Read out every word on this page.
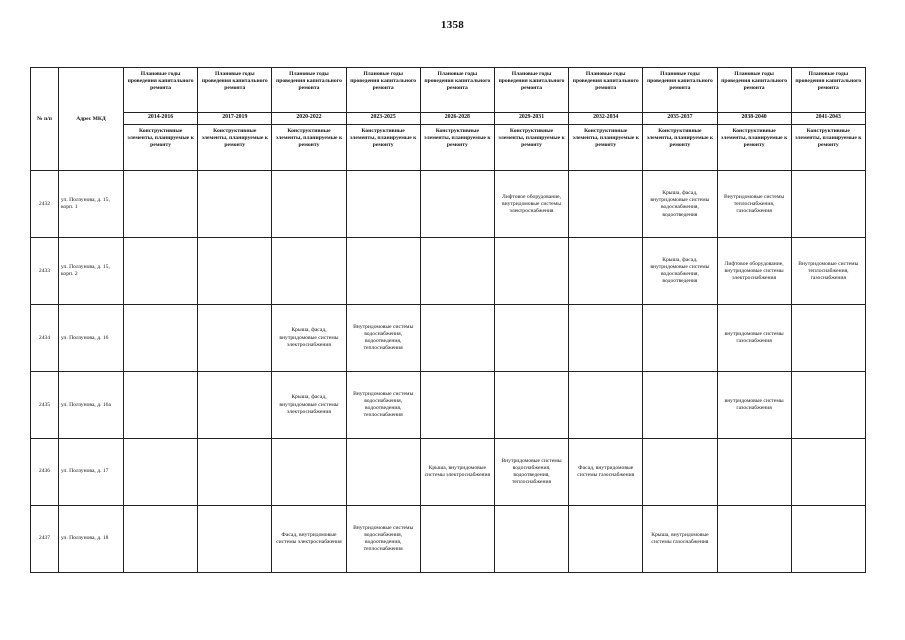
1358
№ п/п	Адрес МКД	Плановые годы проведения капитального ремонта	Плановые годы проведения капитального ремонта	Плановые годы проведения капитального ремонта	Плановые годы проведения капитального ремонта	Плановые годы проведения капитального ремонта	Плановые годы проведения капитального ремонта	Плановые годы проведения капитального ремонта	Плановые годы проведения капитального ремонта	Плановые годы проведения капитального ремонта	Плановые годы проведения капитального ремонта
		2014-2016	2017-2019	2020-2022	2023-2025	2026-2028	2029-2031	2032-2034	2035-2037	2038-2040	2041-2043
		Конструктивные элементы, планируемые к ремонту	Конструктивные элементы, планируемые к ремонту	Конструктивные элементы, планируемые к ремонту	Конструктивные элементы, планируемые к ремонту	Конструктивные элементы, планируемые к ремонту	Конструктивные элементы, планируемые к ремонту	Конструктивные элементы, планируемые к ремонту	Конструктивные элементы, планируемые к ремонту	Конструктивные элементы, планируемые к ремонту	Конструктивные элементы, планируемые к ремонту
2432	ул. Ползунова, д. 15, корп. 1						Лифтовое оборудование, внутридомовые системы электроснабжения		Крыша, фасад, внутридомовые системы водоснабжения, водоотведения	Внутридомовые системы теплоснабжения, газоснабжения	
2433	ул. Ползунова, д. 15, корп. 2								Крыша, фасад, внутридомовые системы водоснабжения, водоотведения	Лифтовое оборудование, внутридомовые системы электроснабжения	Внутридомовые системы теплоснабжения, газоснабжения
2434	ул. Ползунова, д. 16			Крыша, фасад, внутридомовые системы электроснабжения	Внутридомовые системы водоснабжения, водоотведения, теплоснабжения					внутридомовые системы газоснабжения	
2435	ул. Ползунова, д. 16а			Крыша, фасад, внутридомовые системы электроснабжения	Внутридомовые системы водоснабжения, водоотведения, теплоснабжения					внутридомовые системы газоснабжения	
2436	ул. Ползунова, д. 17					Крыша, внутридомовые системы электроснабжения	Внутридомовые системы водоснабжения, водоотведения, теплоснабжения	Фасад, внутридомовые системы газоснабжения			
2437	ул. Ползунова, д. 18			Фасад, внутридомовые системы электроснабжения	Внутридомовые системы водоснабжения, водоотведения, теплоснабжения				Крыша, внутридомовые системы газоснабжения		
